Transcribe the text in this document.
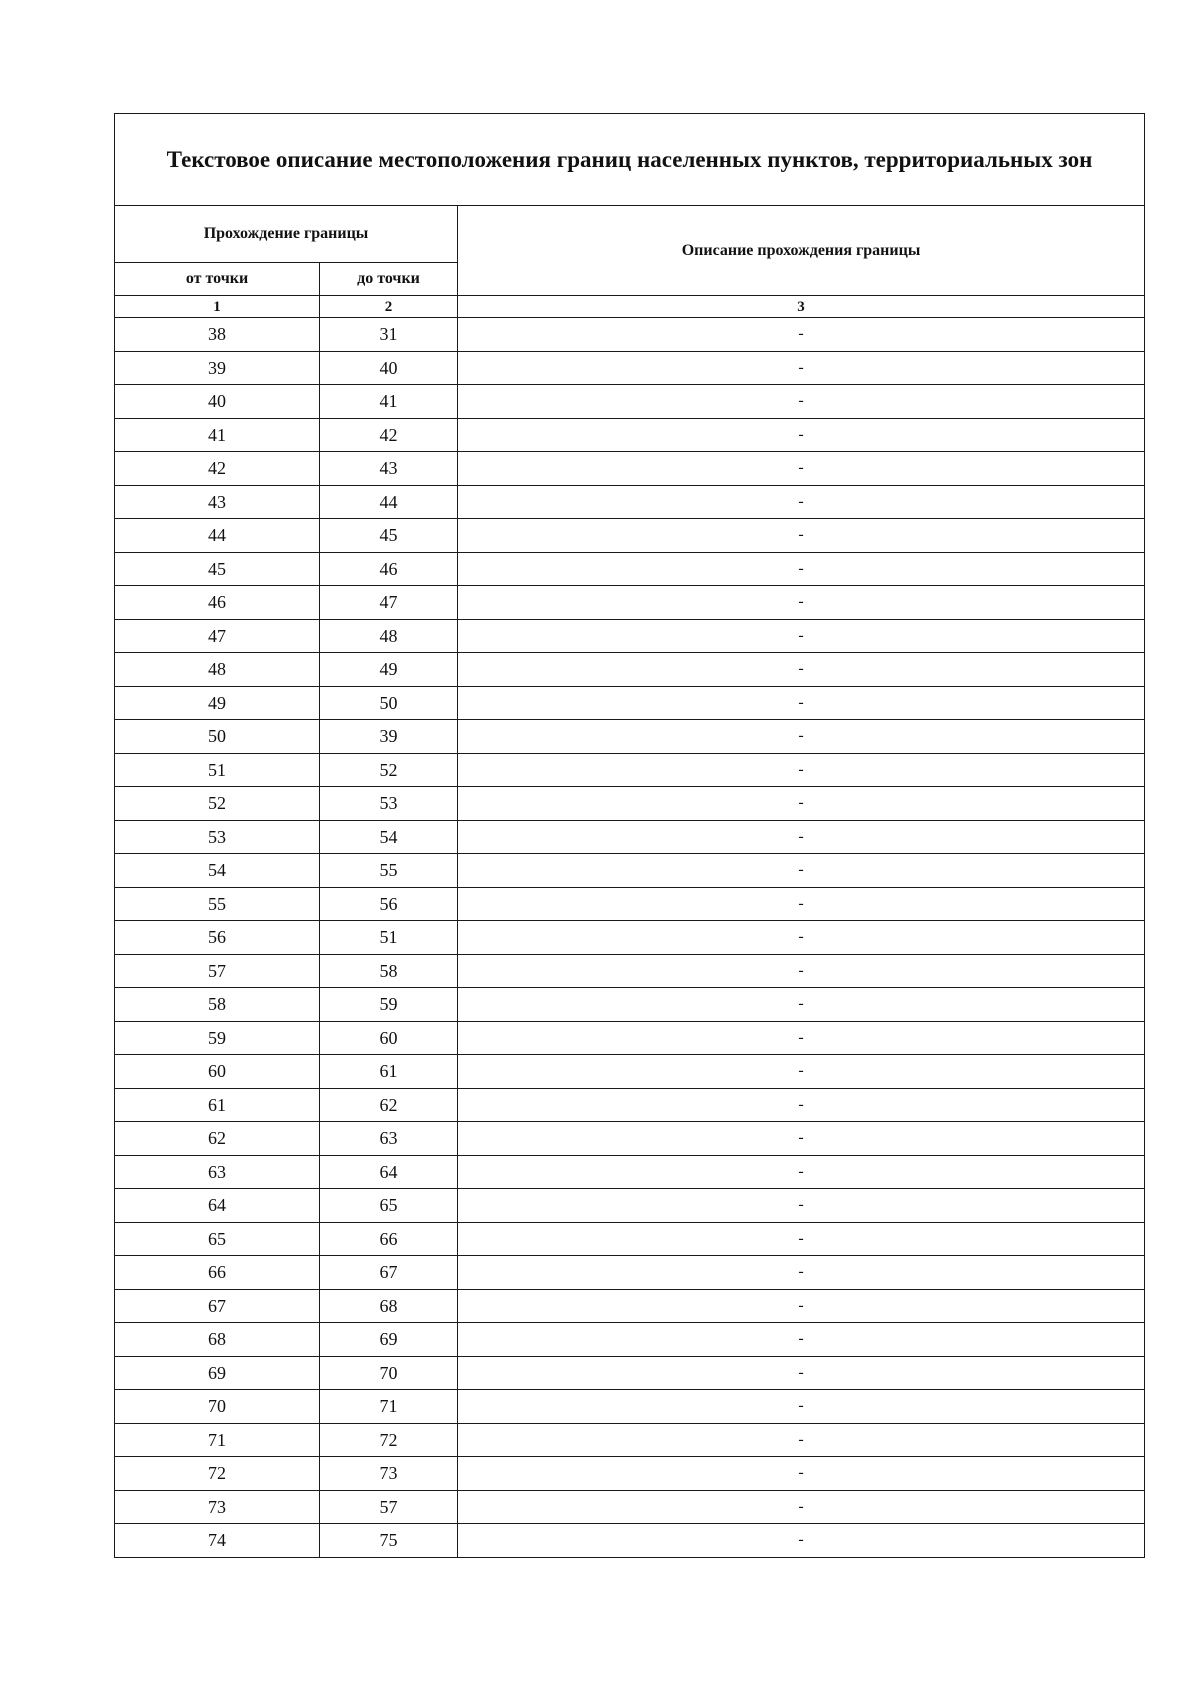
Текстовое описание местоположения границ населенных пунктов, территориальных зон		
Прохождение границы		Описание прохождения границы
от точки	до точки	
1	2	3
38	31	-
39	40	-
40	41	-
41	42	-
42	43	-
43	44	-
44	45	-
45	46	-
46	47	-
47	48	-
48	49	-
49	50	-
50	39	-
51	52	-
52	53	-
53	54	-
54	55	-
55	56	-
56	51	-
57	58	-
58	59	-
59	60	-
60	61	-
61	62	-
62	63	-
63	64	-
64	65	-
65	66	-
66	67	-
67	68	-
68	69	-
69	70	-
70	71	-
71	72	-
72	73	-
73	57	-
74	75	-
